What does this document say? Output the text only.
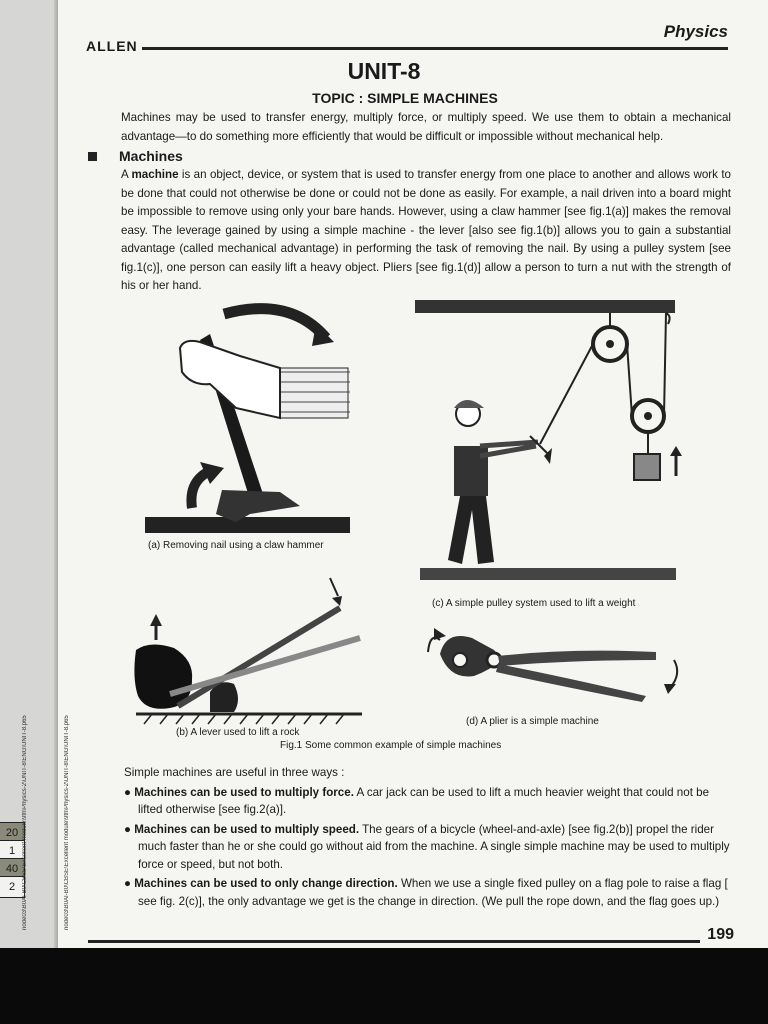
20
1
40
2	node03\B0AI-B0\CBSE\Excellent module\9th\Physics-2\UNIT-8\ENG\UNIT-8.p65
Physics
ALLEN
UNIT-8
TOPIC : SIMPLE MACHINES
Machines may be used to transfer energy, multiply force, or multiply speed. We use them to obtain a mechanical advantage—to do something more efficiently that would be difficult or impossible without mechanical help.
Machines
A machine is an object, device, or system that is used to transfer energy from one place to another and allows work to be done that could not otherwise be done or could not be done as easily. For example, a nail driven into a board might be impossible to remove using only your bare hands. However, using a claw hammer [see fig.1(a)] makes the removal easy. The leverage gained by using a simple machine - the lever [also see fig.1(b)] allows you to gain a substantial advantage (called mechanical advantage) in performing the task of removing the nail. By using a pulley system [see fig.1(c)], one person can easily lift a heavy object. Pliers [see fig.1(d)] allow a person to turn a nut with the strength of his or her hand.
node03\B0AI-B0\CBSE\Excellent module\9th\Physics-2\UNIT-8\ENG\UNIT-8.p65
(a) Removing nail using a claw hammer
(c) A simple pulley system used to lift a weight
(b) A lever used to lift a rock
(d) A plier is a simple machine
Fig.1 Some common example of simple machines
Simple machines are useful in three ways :
● Machines can be used to multiply force. A car jack can be used to lift a much heavier weight that could not be lifted otherwise [see fig.2(a)].
● Machines can be used to multiply speed. The gears of a bicycle (wheel-and-axle) [see fig.2(b)] propel the rider much faster than he or she could go without aid from the machine. A single simple machine may be used to multiply force or speed, but not both.
● Machines can be used to only change direction. When we use a single fixed pulley on a flag pole to raise a flag [ see fig. 2(c)], the only advantage we get is the change in direction. (We pull the rope down, and the flag goes up.)
199
